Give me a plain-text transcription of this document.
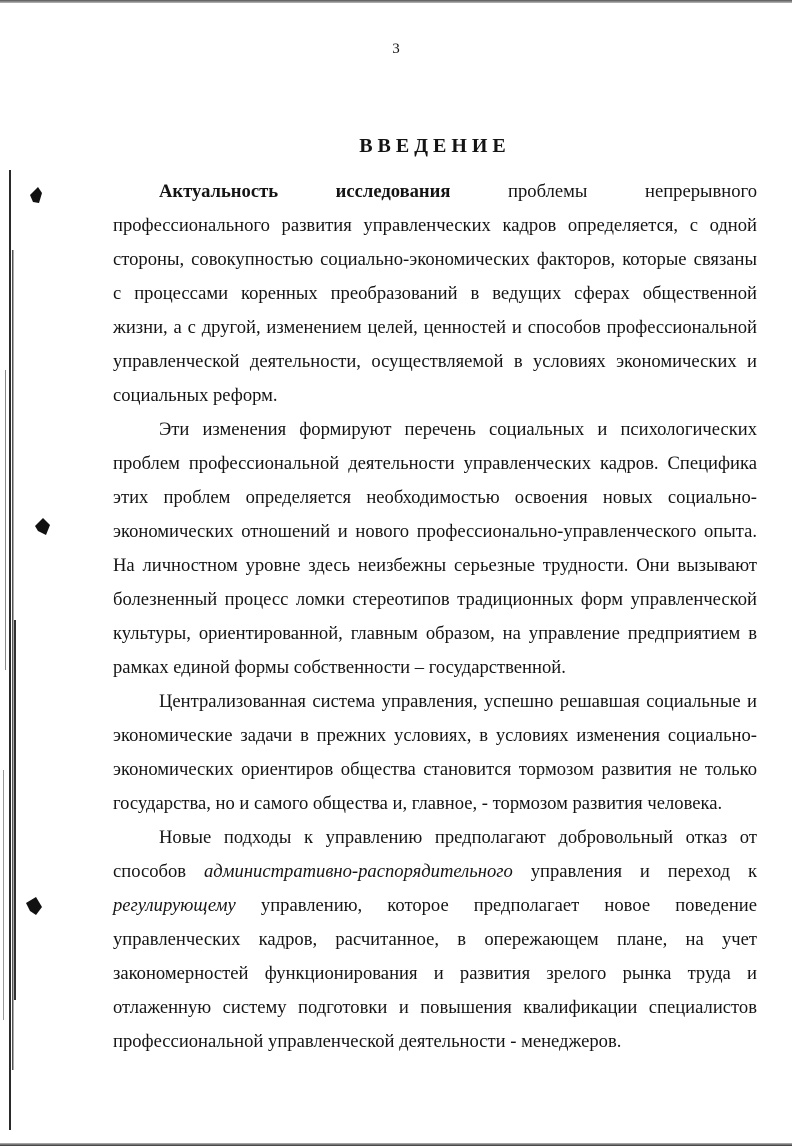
3
ВВЕДЕНИЕ

Актуальность исследования проблемы непрерывного профессионального развития управленческих кадров определяется, с одной стороны, совокупностью социально-экономических факторов, которые связаны с процессами коренных преобразований в ведущих сферах общественной жизни, а с другой, изменением целей, ценностей и способов профессиональной управленческой деятельности, осуществляемой в условиях экономических и социальных реформ.

Эти изменения формируют перечень социальных и психологических проблем профессиональной деятельности управленческих кадров. Специфика этих проблем определяется необходимостью освоения новых социально-экономических отношений и нового профессионально-управленческого опыта. На личностном уровне здесь неизбежны серьезные трудности. Они вызывают болезненный процесс ломки стереотипов традиционных форм управленческой культуры, ориентированной, главным образом, на управление предприятием в рамках единой формы собственности – государственной.

Централизованная система управления, успешно решавшая социальные и экономические задачи в прежних условиях, в условиях изменения социально-экономических ориентиров общества становится тормозом развития не только государства, но и самого общества и, главное, - тормозом развития человека.

Новые подходы к управлению предполагают добровольный отказ от способов административно-распорядительного управления и переход к регулирующему управлению, которое предполагает новое поведение управленческих кадров, расчитанное, в опережающем плане, на учет закономерностей функционирования и развития зрелого рынка труда и отлаженную систему подготовки и повышения квалификации специалистов профессиональной управленческой деятельности - менеджеров.
